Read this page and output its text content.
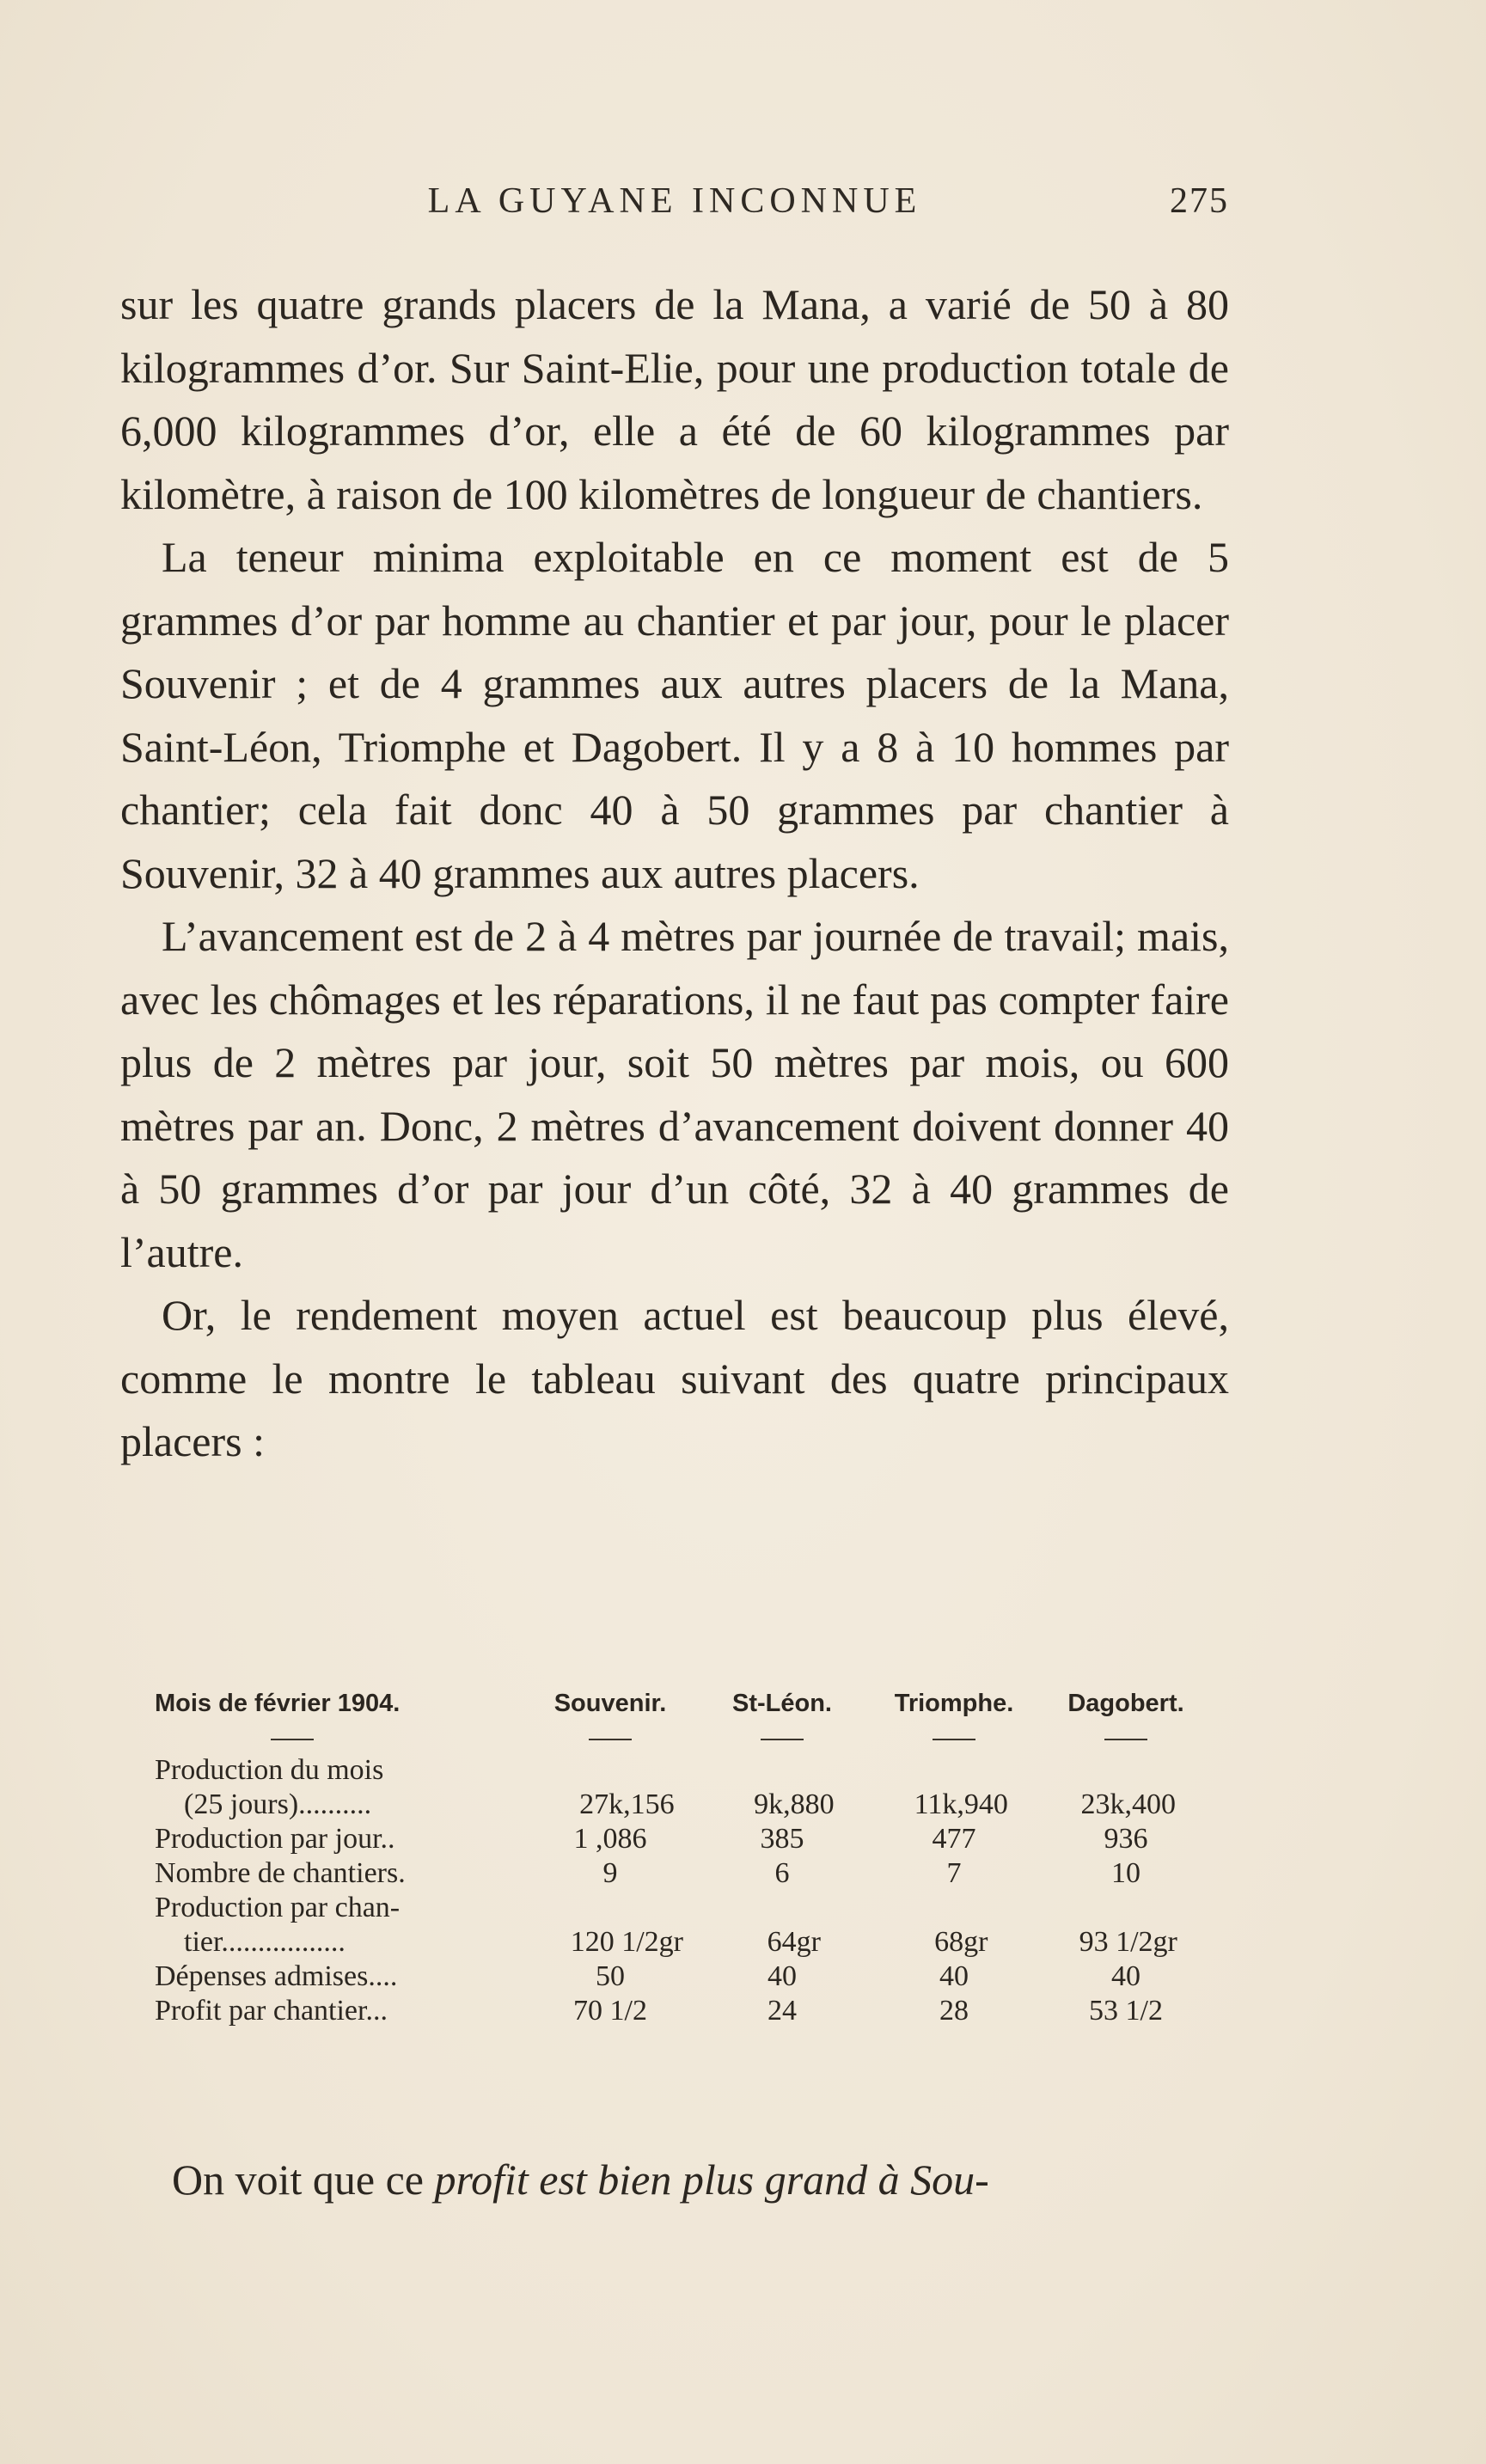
LA GUYANE INCONNUE	275

sur les quatre grands placers de la Mana, a varié de 50 à 80 kilogrammes d’or. Sur Saint-Elie, pour une production totale de 6,000 kilogrammes d’or, elle a été de 60 kilogrammes par kilomètre, à raison de 100 kilomètres de longueur de chantiers.

La teneur minima exploitable en ce moment est de 5 grammes d’or par homme au chantier et par jour, pour le placer Souvenir ; et de 4 grammes aux autres placers de la Mana, Saint-Léon, Triomphe et Dagobert. Il y a 8 à 10 hommes par chantier; cela fait donc 40 à 50 grammes par chantier à Souvenir, 32 à 40 grammes aux autres placers.

L’avancement est de 2 à 4 mètres par journée de travail; mais, avec les chômages et les réparations, il ne faut pas compter faire plus de 2 mètres par jour, soit 50 mètres par mois, ou 600 mètres par an. Donc, 2 mètres d’avancement doivent donner 40 à 50 grammes d’or par jour d’un côté, 32 à 40 grammes de l’autre.

Or, le rendement moyen actuel est beaucoup plus élevé, comme le montre le tableau suivant des quatre principaux placers :

Mois de février 1904.	Souvenir.	St-Léon.	Triomphe.	Dagobert.
Production du mois
(25 jours)..........	27k,156	9k,880	11k,940	23k,400
Production par jour..	1 ,086	385	477	936
Nombre de chantiers.	9	6	7	10
Production par chan-
tier.................	120 1/2gr	64gr	68gr	93 1/2gr
Dépenses admises....	50	40	40	40
Profit par chantier...	70 1/2	24	28	53 1/2
On voit que ce profit est bien plus grand à Sou-
